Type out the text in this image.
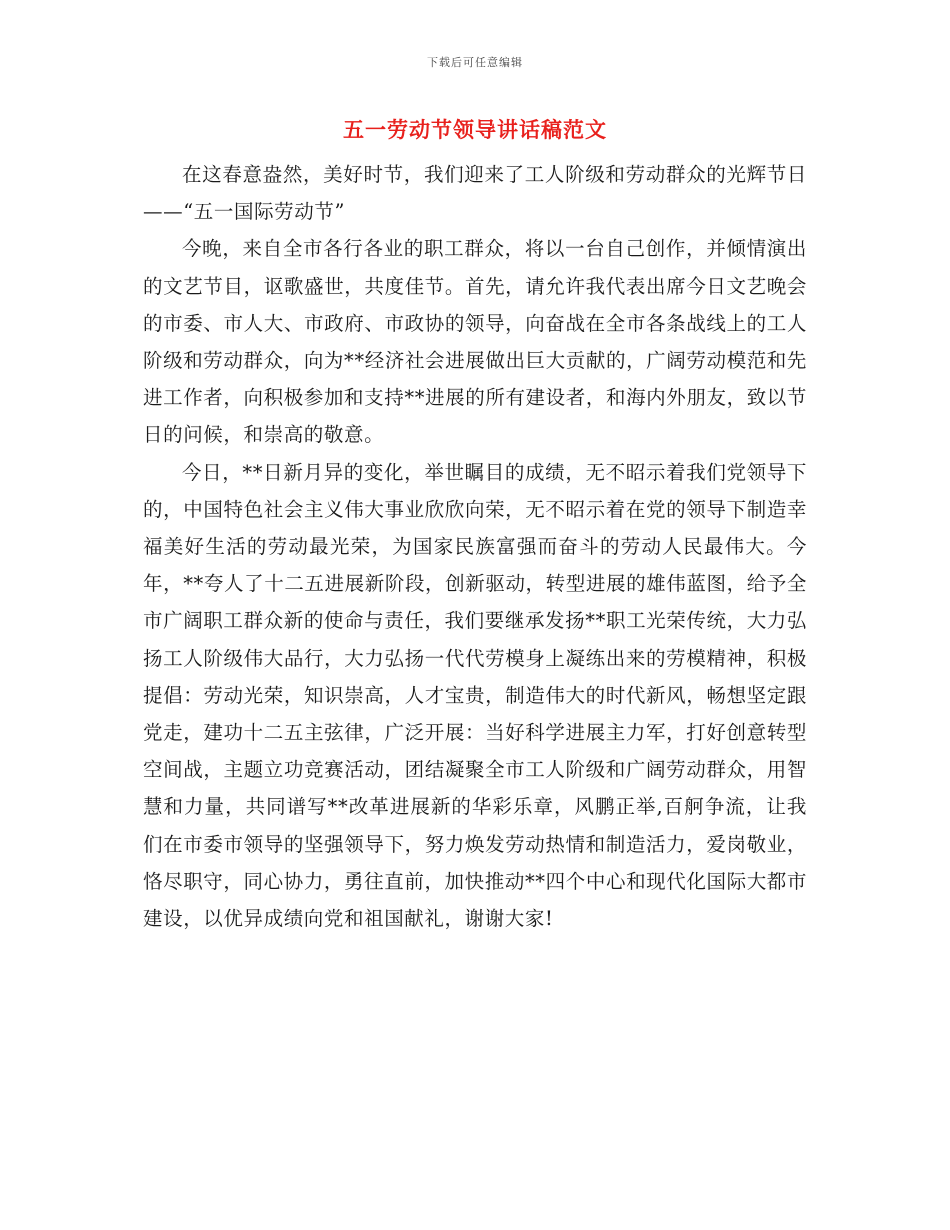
下载后可任意编辑
五一劳动节领导讲话稿范文

在这春意盎然，美好时节，我们迎来了工人阶级和劳动群众的光辉节日——“五一国际劳动节”

今晚，来自全市各行各业的职工群众，将以一台自己创作，并倾情演出的文艺节目，讴歌盛世，共度佳节。首先，请允许我代表出席今日文艺晚会的市委、市人大、市政府、市政协的领导，向奋战在全市各条战线上的工人阶级和劳动群众，向为**经济社会进展做出巨大贡献的，广阔劳动模范和先进工作者，向积极参加和支持**进展的所有建设者，和海内外朋友，致以节日的问候，和崇高的敬意。

今日，**日新月异的变化，举世瞩目的成绩，无不昭示着我们党领导下的，中国特色社会主义伟大事业欣欣向荣，无不昭示着在党的领导下制造幸福美好生活的劳动最光荣，为国家民族富强而奋斗的劳动人民最伟大。今年，**夸人了十二五进展新阶段，创新驱动，转型进展的雄伟蓝图，给予全市广阔职工群众新的使命与责任，我们要继承发扬**职工光荣传统，大力弘扬工人阶级伟大品行，大力弘扬一代代劳模身上凝练出来的劳模精神，积极提倡：劳动光荣，知识崇高，人才宝贵，制造伟大的时代新风，畅想坚定跟党走，建功十二五主弦律，广泛开展：当好科学进展主力军，打好创意转型空间战，主题立功竞赛活动，团结凝聚全市工人阶级和广阔劳动群众，用智慧和力量，共同谱写**改革进展新的华彩乐章，风鹏正举,百舸争流，让我们在市委市领导的坚强领导下，努力焕发劳动热情和制造活力，爱岗敬业，恪尽职守，同心协力，勇往直前，加快推动**四个中心和现代化国际大都市建设，以优异成绩向党和祖国献礼，谢谢大家!
